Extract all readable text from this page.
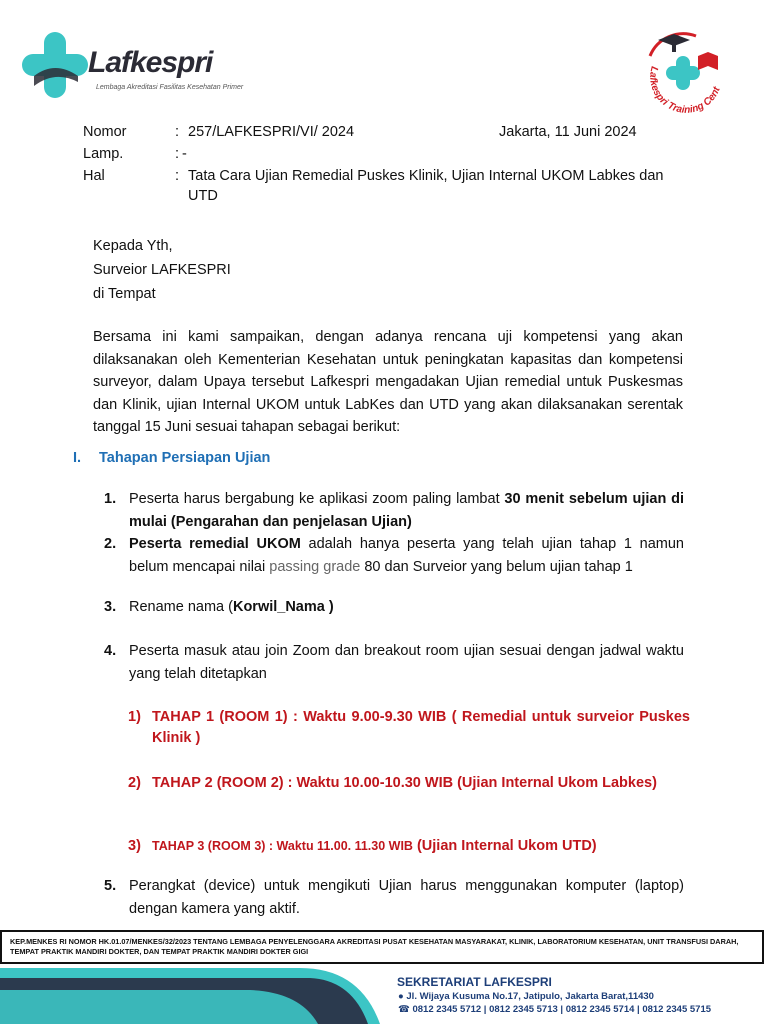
Lafkespri
Lembaga Akreditasi Fasilitas Kesehatan Primer
Lafkespri Training Cent
Nomor	: 257/LAFKESPRI/VI/ 2024	Jakarta, 11 Juni 2024
Lamp.	: -
Hal	: Tata Cara Ujian Remedial Puskes Klinik, Ujian Internal UKOM Labkes dan
UTD
Kepada Yth,
Surveior LAFKESPRI
di Tempat
Bersama ini kami sampaikan, dengan adanya rencana uji kompetensi yang akan dilaksanakan oleh Kementerian Kesehatan untuk peningkatan kapasitas dan kompetensi surveyor, dalam Upaya tersebut Lafkespri mengadakan Ujian remedial untuk Puskesmas dan Klinik, ujian Internal UKOM untuk LabKes dan UTD yang akan dilaksanakan serentak tanggal 15 Juni sesuai tahapan sebagai berikut:
I. Tahapan Persiapan Ujian
1. Peserta harus bergabung ke aplikasi zoom paling lambat 30 menit sebelum ujian di mulai (Pengarahan dan penjelasan Ujian)
2. Peserta remedial UKOM adalah hanya peserta yang telah ujian tahap 1 namun belum mencapai nilai passing grade 80 dan Surveior yang belum ujian tahap 1
3. Rename nama (Korwil_Nama )
4. Peserta masuk atau join Zoom dan breakout room ujian sesuai dengan jadwal waktu yang telah ditetapkan
1) TAHAP 1 (ROOM 1) : Waktu 9.00-9.30 WIB ( Remedial untuk surveior Puskes Klinik )
2) TAHAP 2 (ROOM 2) : Waktu 10.00-10.30 WIB (Ujian Internal Ukom Labkes)
3) TAHAP 3 (ROOM 3) : Waktu 11.00. 11.30 WIB (Ujian Internal Ukom UTD)
5. Perangkat (device) untuk mengikuti Ujian harus menggunakan komputer (laptop) dengan kamera yang aktif.
KEP.MENKES RI NOMOR HK.01.07/MENKES/32/2023 TENTANG LEMBAGA PENYELENGGARA AKREDITASI PUSAT KESEHATAN MASYARAKAT, KLINIK, LABORATORIUM KESEHATAN, UNIT TRANSFUSI DARAH, TEMPAT PRAKTIK MANDIRI DOKTER, DAN TEMPAT PRAKTIK MANDIRI DOKTER GIGI
SEKRETARIAT LAFKESPRI
● Jl. Wijaya Kusuma No.17, Jatipulo, Jakarta Barat,11430
☎ 0812 2345 5712 | 0812 2345 5713 | 0812 2345 5714 | 0812 2345 5715
